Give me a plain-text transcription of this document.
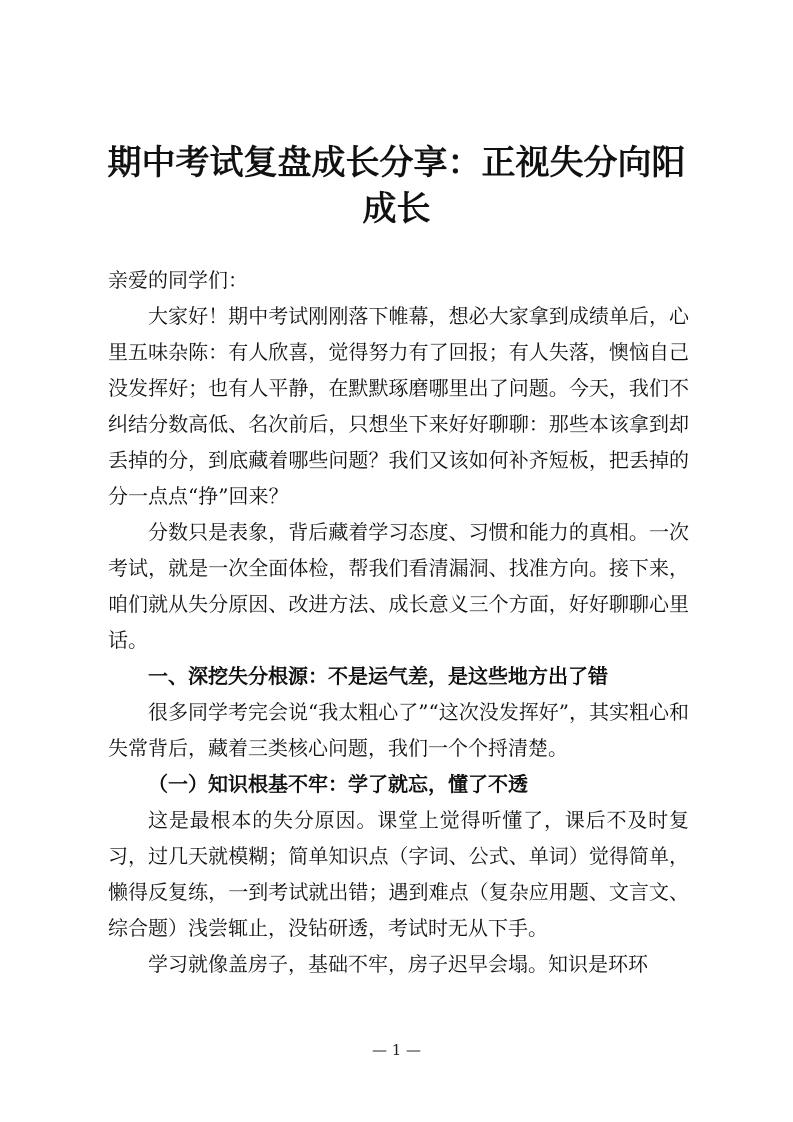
期中考试复盘成长分享：正视失分向阳成长

亲爱的同学们：

大家好！期中考试刚刚落下帷幕，想必大家拿到成绩单后，心里五味杂陈：有人欣喜，觉得努力有了回报；有人失落，懊恼自己没发挥好；也有人平静，在默默琢磨哪里出了问题。今天，我们不纠结分数高低、名次前后，只想坐下来好好聊聊：那些本该拿到却丢掉的分，到底藏着哪些问题？我们又该如何补齐短板，把丢掉的分一点点“挣”回来？

分数只是表象，背后藏着学习态度、习惯和能力的真相。一次考试，就是一次全面体检，帮我们看清漏洞、找准方向。接下来，咱们就从失分原因、改进方法、成长意义三个方面，好好聊聊心里话。

一、深挖失分根源：不是运气差，是这些地方出了错

很多同学考完会说“我太粗心了”“这次没发挥好”，其实粗心和失常背后，藏着三类核心问题，我们一个个捋清楚。

（一）知识根基不牢：学了就忘，懂了不透

这是最根本的失分原因。课堂上觉得听懂了，课后不及时复习，过几天就模糊；简单知识点（字词、公式、单词）觉得简单，懒得反复练，一到考试就出错；遇到难点（复杂应用题、文言文、综合题）浅尝辄止，没钻研透，考试时无从下手。

学习就像盖房子，基础不牢，房子迟早会塌。知识是环环

— 1 —
